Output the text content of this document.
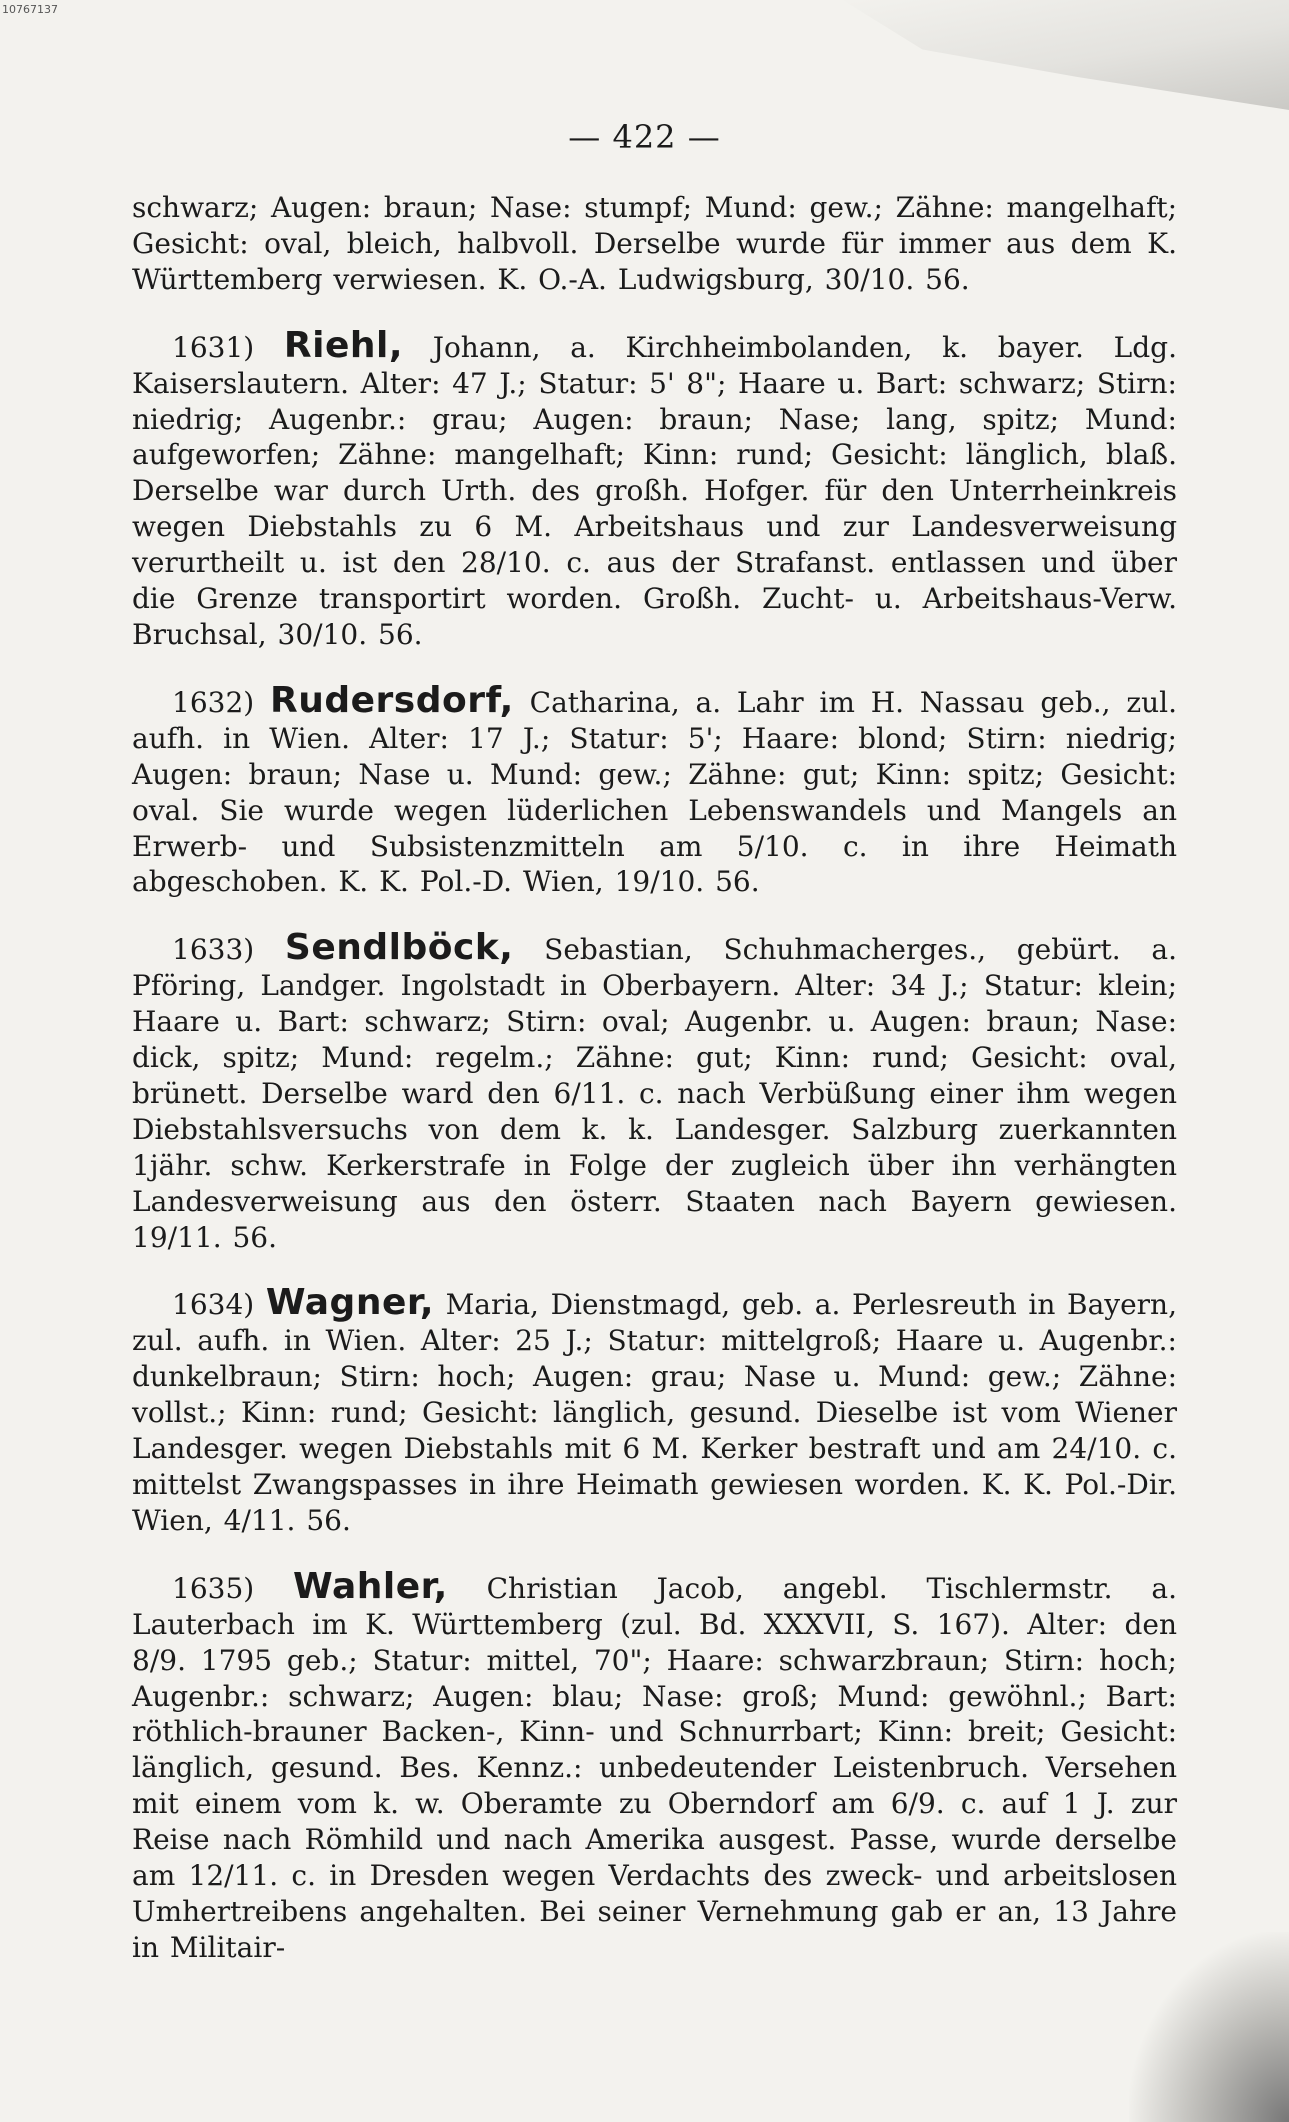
10767137
— 422 —

schwarz; Augen: braun; Nase: stumpf; Mund: gew.; Zähne: mangelhaft; Gesicht: oval, bleich, halbvoll. Derselbe wurde für immer aus dem K. Württemberg verwiesen. K. O.-A. Ludwigsburg, 30/10. 56.

1631) Riehl, Johann, a. Kirchheimbolanden, k. bayer. Ldg. Kaiserslautern. Alter: 47 J.; Statur: 5' 8"; Haare u. Bart: schwarz; Stirn: niedrig; Augenbr.: grau; Augen: braun; Nase; lang, spitz; Mund: aufgeworfen; Zähne: mangelhaft; Kinn: rund; Gesicht: länglich, blaß. Derselbe war durch Urth. des großh. Hofger. für den Unterrheinkreis wegen Diebstahls zu 6 M. Arbeitshaus und zur Landesverweisung verurtheilt u. ist den 28/10. c. aus der Strafanst. entlassen und über die Grenze transportirt worden. Großh. Zucht- u. Arbeitshaus-Verw. Bruchsal, 30/10. 56.

1632) Rudersdorf, Catharina, a. Lahr im H. Nassau geb., zul. aufh. in Wien. Alter: 17 J.; Statur: 5'; Haare: blond; Stirn: niedrig; Augen: braun; Nase u. Mund: gew.; Zähne: gut; Kinn: spitz; Gesicht: oval. Sie wurde wegen lüderlichen Lebenswandels und Mangels an Erwerb- und Subsistenzmitteln am 5/10. c. in ihre Heimath abgeschoben. K. K. Pol.-D. Wien, 19/10. 56.

1633) Sendlböck, Sebastian, Schuhmacherges., gebürt. a. Pföring, Landger. Ingolstadt in Oberbayern. Alter: 34 J.; Statur: klein; Haare u. Bart: schwarz; Stirn: oval; Augenbr. u. Augen: braun; Nase: dick, spitz; Mund: regelm.; Zähne: gut; Kinn: rund; Gesicht: oval, brünett. Derselbe ward den 6/11. c. nach Verbüßung einer ihm wegen Diebstahlsversuchs von dem k. k. Landesger. Salzburg zuerkannten 1jähr. schw. Kerkerstrafe in Folge der zugleich über ihn verhängten Landesverweisung aus den österr. Staaten nach Bayern gewiesen. 19/11. 56.

1634) Wagner, Maria, Dienstmagd, geb. a. Perlesreuth in Bayern, zul. aufh. in Wien. Alter: 25 J.; Statur: mittelgroß; Haare u. Augenbr.: dunkelbraun; Stirn: hoch; Augen: grau; Nase u. Mund: gew.; Zähne: vollst.; Kinn: rund; Gesicht: länglich, gesund. Dieselbe ist vom Wiener Landesger. wegen Diebstahls mit 6 M. Kerker bestraft und am 24/10. c. mittelst Zwangspasses in ihre Heimath gewiesen worden. K. K. Pol.-Dir. Wien, 4/11. 56.

1635) Wahler, Christian Jacob, angebl. Tischlermstr. a. Lauterbach im K. Württemberg (zul. Bd. XXXVII, S. 167). Alter: den 8/9. 1795 geb.; Statur: mittel, 70"; Haare: schwarzbraun; Stirn: hoch; Augenbr.: schwarz; Augen: blau; Nase: groß; Mund: gewöhnl.; Bart: röthlich-brauner Backen-, Kinn- und Schnurrbart; Kinn: breit; Gesicht: länglich, gesund. Bes. Kennz.: unbedeutender Leistenbruch. Versehen mit einem vom k. w. Oberamte zu Oberndorf am 6/9. c. auf 1 J. zur Reise nach Römhild und nach Amerika ausgest. Passe, wurde derselbe am 12/11. c. in Dresden wegen Verdachts des zweck- und arbeitslosen Umhertreibens angehalten. Bei seiner Vernehmung gab er an, 13 Jahre in Militair-
